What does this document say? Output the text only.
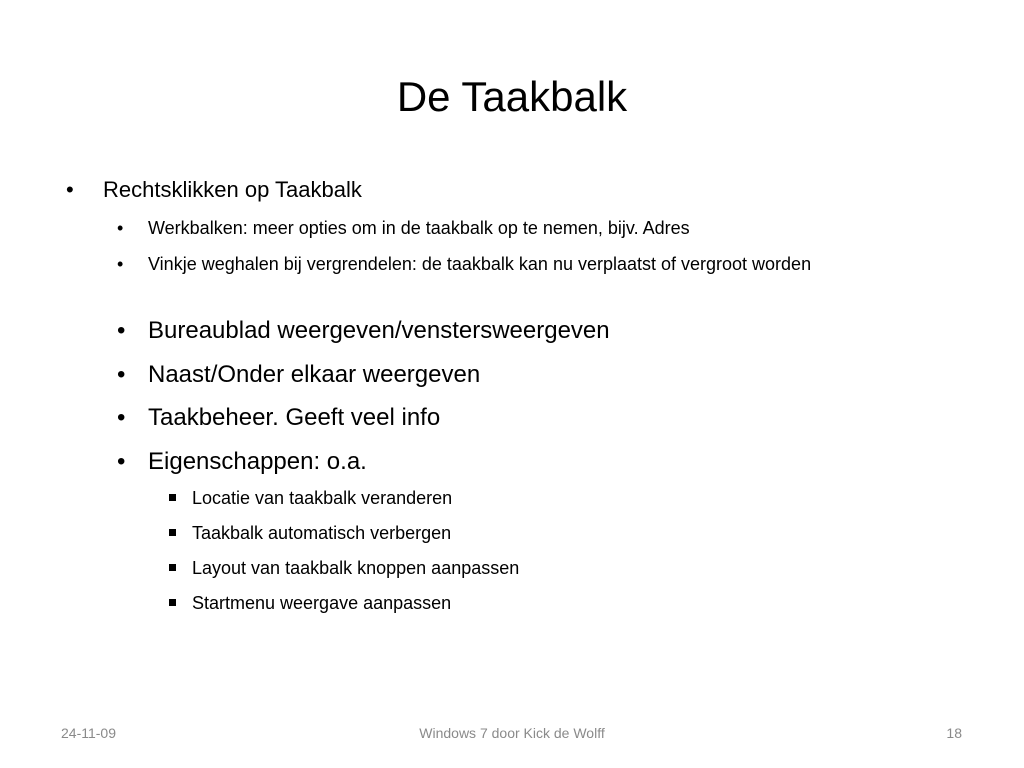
De Taakbalk
• Rechtsklikken op Taakbalk
• Werkbalken: meer opties om in de taakbalk op te nemen, bijv. Adres
• Vinkje weghalen bij vergrendelen: de taakbalk kan nu verplaatst of vergroot worden
• Bureaublad weergeven/venstersweergeven
• Naast/Onder elkaar weergeven
• Taakbeheer. Geeft veel info
• Eigenschappen: o.a.
Locatie van taakbalk veranderen
Taakbalk automatisch verbergen
Layout van taakbalk knoppen aanpassen
Startmenu weergave aanpassen
24-11-09	Windows 7 door Kick de Wolff	18
